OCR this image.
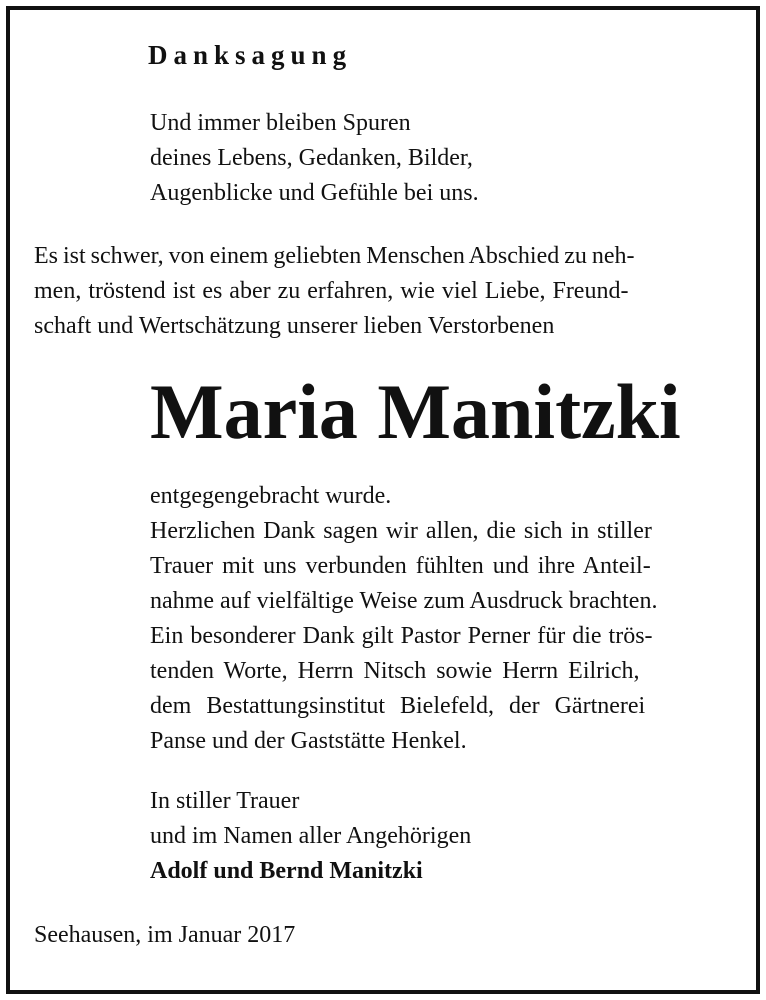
Danksagung
Und immer bleiben Spuren
deines Lebens, Gedanken, Bilder,
Augenblicke und Gefühle bei uns.
Es ist schwer, von einem geliebten Menschen Abschied zu neh-
men, tröstend ist es aber zu erfahren, wie viel Liebe, Freund-
schaft und Wertschätzung unserer lieben Verstorbenen
Maria Manitzki
entgegengebracht wurde.
Herzlichen Dank sagen wir allen, die sich in stiller
Trauer mit uns verbunden fühlten und ihre Anteil-
nahme auf vielfältige Weise zum Ausdruck brachten.
Ein besonderer Dank gilt Pastor Perner für die trös-
tenden Worte, Herrn Nitsch sowie Herrn Eilrich,
dem Bestattungsinstitut Bielefeld, der Gärtnerei
Panse und der Gaststätte Henkel.
In stiller Trauer
und im Namen aller Angehörigen
Adolf und Bernd Manitzki
Seehausen, im Januar 2017
